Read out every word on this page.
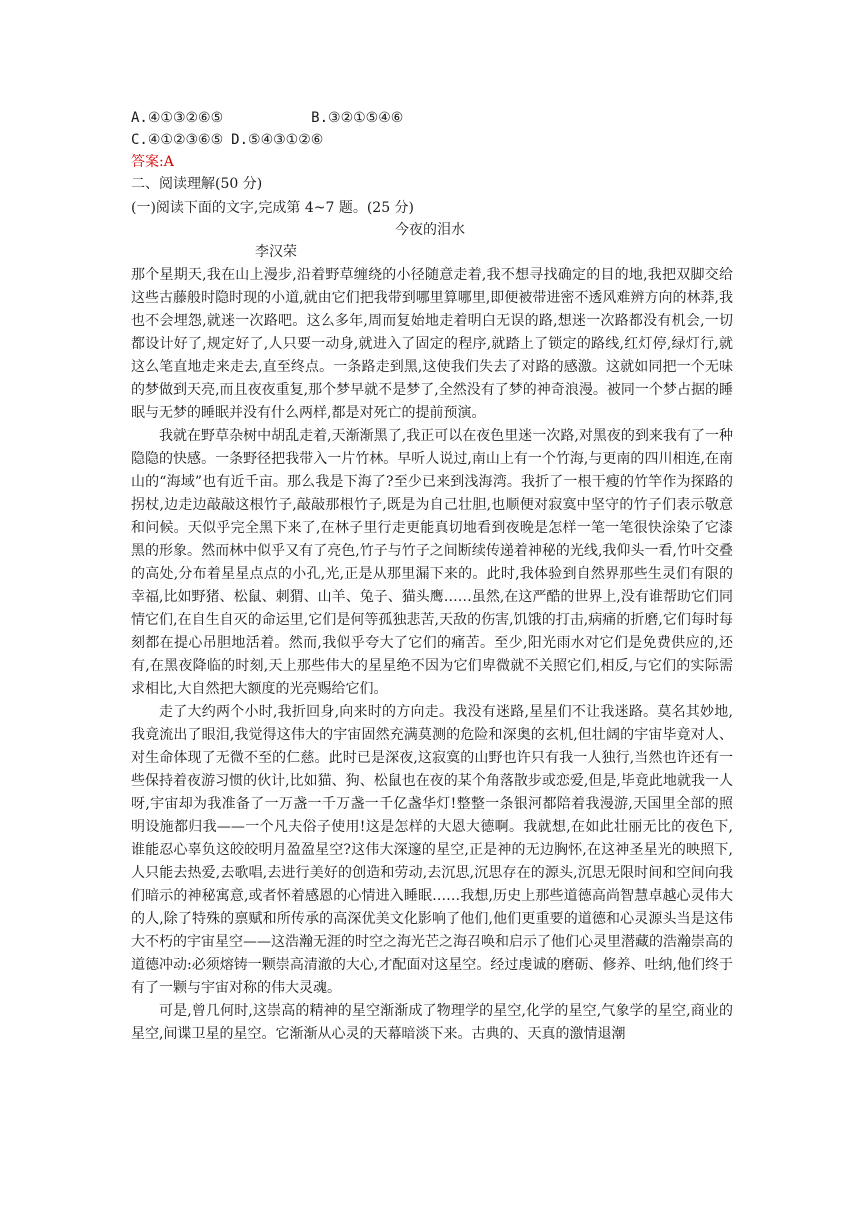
A.④①③②⑥⑤	B.③②①⑤④⑥
C.④①②③⑥⑤ D.⑤④③①②⑥
答案:A
二、阅读理解(50 分)
(一)阅读下面的文字,完成第 4~7 题。(25 分)
今夜的泪水
李汉荣

那个星期天,我在山上漫步,沿着野草缠绕的小径随意走着,我不想寻找确定的目的地,我把双脚交给这些古藤般时隐时现的小道,就由它们把我带到哪里算哪里,即便被带进密不透风难辨方向的林莽,我也不会埋怨,就迷一次路吧。这么多年,周而复始地走着明白无误的路,想迷一次路都没有机会,一切都设计好了,规定好了,人只要一动身,就进入了固定的程序,就踏上了锁定的路线,红灯停,绿灯行,就这么笔直地走来走去,直至终点。一条路走到黑,这使我们失去了对路的感激。这就如同把一个无味的梦做到天亮,而且夜夜重复,那个梦早就不是梦了,全然没有了梦的神奇浪漫。被同一个梦占据的睡眠与无梦的睡眠并没有什么两样,都是对死亡的提前预演。

我就在野草杂树中胡乱走着,天渐渐黑了,我正可以在夜色里迷一次路,对黑夜的到来我有了一种隐隐的快感。一条野径把我带入一片竹林。早听人说过,南山上有一个竹海,与更南的四川相连,在南山的“海域”也有近千亩。那么我是下海了?至少已来到浅海湾。我折了一根干瘦的竹竿作为探路的拐杖,边走边敲敲这根竹子,敲敲那根竹子,既是为自己壮胆,也顺便对寂寞中坚守的竹子们表示敬意和问候。天似乎完全黑下来了,在林子里行走更能真切地看到夜晚是怎样一笔一笔很快涂染了它漆黑的形象。然而林中似乎又有了亮色,竹子与竹子之间断续传递着神秘的光线,我仰头一看,竹叶交叠的高处,分布着星星点点的小孔,光,正是从那里漏下来的。此时,我体验到自然界那些生灵们有限的幸福,比如野猪、松鼠、刺猬、山羊、兔子、猫头鹰……虽然,在这严酷的世界上,没有谁帮助它们同情它们,在自生自灭的命运里,它们是何等孤独悲苦,天敌的伤害,饥饿的打击,病痛的折磨,它们每时每刻都在提心吊胆地活着。然而,我似乎夸大了它们的痛苦。至少,阳光雨水对它们是免费供应的,还有,在黑夜降临的时刻,天上那些伟大的星星绝不因为它们卑微就不关照它们,相反,与它们的实际需求相比,大自然把大额度的光亮赐给它们。

走了大约两个小时,我折回身,向来时的方向走。我没有迷路,星星们不让我迷路。莫名其妙地,我竟流出了眼泪,我觉得这伟大的宇宙固然充满莫测的危险和深奥的玄机,但壮阔的宇宙毕竟对人、对生命体现了无微不至的仁慈。此时已是深夜,这寂寞的山野也许只有我一人独行,当然也许还有一些保持着夜游习惯的伙计,比如猫、狗、松鼠也在夜的某个角落散步或恋爱,但是,毕竟此地就我一人呀,宇宙却为我准备了一万盏一千万盏一千亿盏华灯!整整一条银河都陪着我漫游,天国里全部的照明设施都归我——一个凡夫俗子使用!这是怎样的大恩大德啊。我就想,在如此壮丽无比的夜色下,谁能忍心辜负这皎皎明月盈盈星空?这伟大深邃的星空,正是神的无边胸怀,在这神圣星光的映照下,人只能去热爱,去歌唱,去进行美好的创造和劳动,去沉思,沉思存在的源头,沉思无限时间和空间向我们暗示的神秘寓意,或者怀着感恩的心情进入睡眠……我想,历史上那些道德高尚智慧卓越心灵伟大的人,除了特殊的禀赋和所传承的高深优美文化影响了他们,他们更重要的道德和心灵源头当是这伟大不朽的宇宙星空——这浩瀚无涯的时空之海光芒之海召唤和启示了他们心灵里潜藏的浩瀚崇高的道德冲动:必须熔铸一颗崇高清澈的大心,才配面对这星空。经过虔诚的磨砺、修养、吐纳,他们终于有了一颗与宇宙对称的伟大灵魂。

可是,曾几何时,这崇高的精神的星空渐渐成了物理学的星空,化学的星空,气象学的星空,商业的星空,间谍卫星的星空。它渐渐从心灵的天幕暗淡下来。古典的、天真的激情退潮
